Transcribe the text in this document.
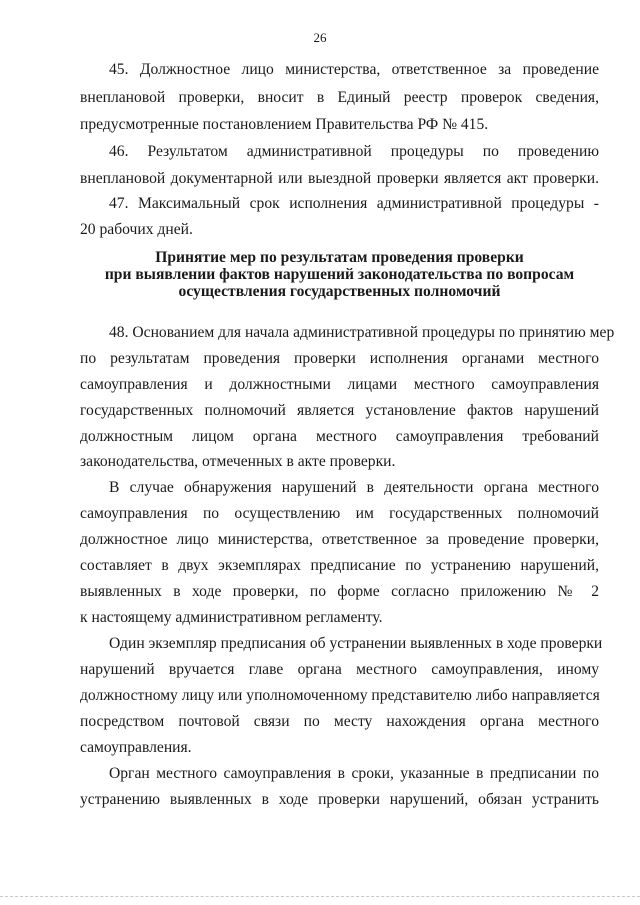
26
45. Должностное лицо министерства, ответственное за проведение
внеплановой проверки, вносит в Единый реестр проверок сведения,
предусмотренные постановлением Правительства РФ № 415.
46. Результатом административной процедуры по проведению
внеплановой документарной или выездной проверки является акт проверки.
47. Максимальный срок исполнения административной процедуры -
20 рабочих дней.
Принятие мер по результатам проведения проверки
при выявлении фактов нарушений законодательства по вопросам
осуществления государственных полномочий
48. Основанием для начала административной процедуры по принятию мер
по результатам проведения проверки исполнения органами местного
самоуправления и должностными лицами местного самоуправления
государственных полномочий является установление фактов нарушений
должностным лицом органа местного самоуправления требований
законодательства, отмеченных в акте проверки.
В случае обнаружения нарушений в деятельности органа местного
самоуправления по осуществлению им государственных полномочий
должностное лицо министерства, ответственное за проведение проверки,
составляет в двух экземплярах предписание по устранению нарушений,
выявленных в ходе проверки, по форме согласно приложению № 2
к настоящему административном регламенту.
Один экземпляр предписания об устранении выявленных в ходе проверки
нарушений вручается главе органа местного самоуправления, иному
должностному лицу или уполномоченному представителю либо направляется
посредством почтовой связи по месту нахождения органа местного
самоуправления.
Орган местного самоуправления в сроки, указанные в предписании по
устранению выявленных в ходе проверки нарушений, обязан устранить
